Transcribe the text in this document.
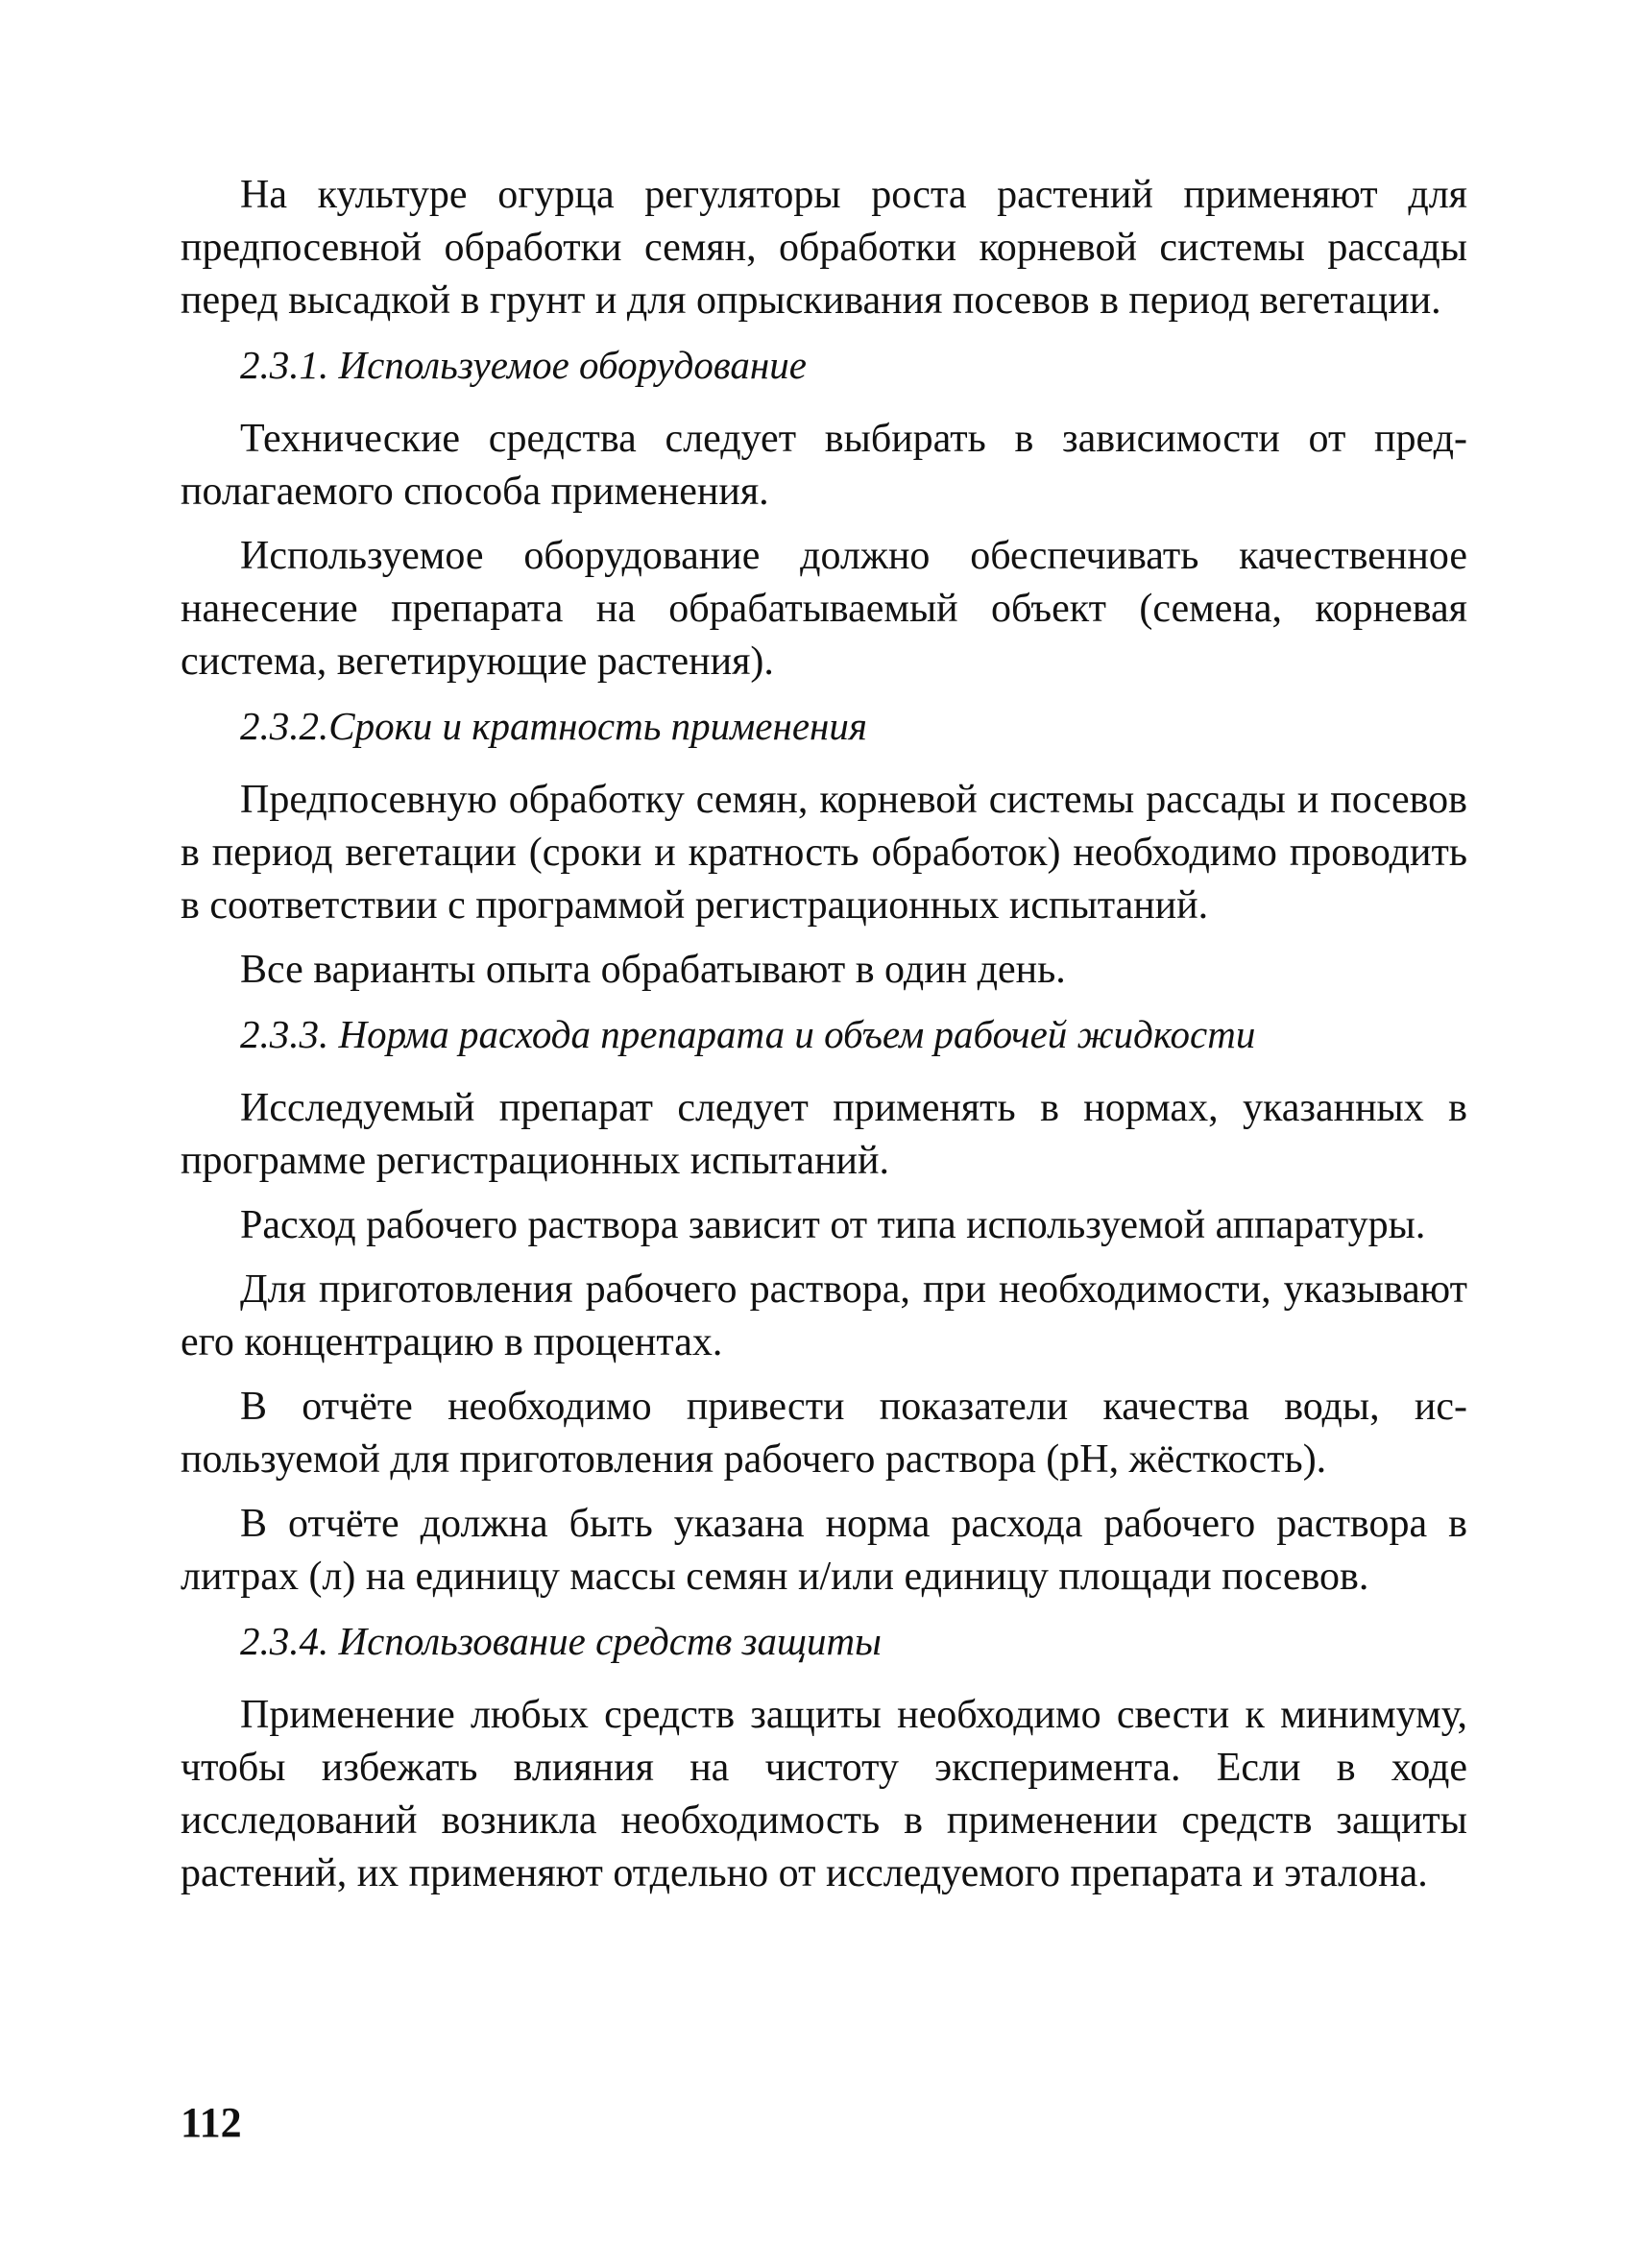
На культуре огурца регуляторы роста растений применяют для предпосевной обработки семян, обработки корневой системы рассады перед высадкой в грунт и для опрыскивания посевов в период вегетации.

2.3.1. Используемое оборудование

Технические средства следует выбирать в зависимости от предполагаемого способа применения.

Используемое оборудование должно обеспечивать качественное нанесение препарата на обрабатываемый объект (семена, корневая система, вегетирующие растения).

2.3.2.Сроки и кратность применения

Предпосевную обработку семян, корневой системы рассады и посевов в период вегетации (сроки и кратность обработок) необходимо проводить в соответствии с программой регистрационных испытаний.

Все варианты опыта обрабатывают в один день.

2.3.3. Норма расхода препарата и объем рабочей жидкости

Исследуемый препарат следует применять в нормах, указанных в программе регистрационных испытаний.

Расход рабочего раствора зависит от типа используемой аппаратуры.

Для приготовления рабочего раствора, при необходимости, указывают его концентрацию в процентах.

В отчёте необходимо привести показатели качества воды, используемой для приготовления рабочего раствора (pH, жёсткость).

В отчёте должна быть указана норма расхода рабочего раствора в литрах (л) на единицу массы семян и/или единицу площади посевов.

2.3.4. Использование средств защиты

Применение любых средств защиты необходимо свести к минимуму, чтобы избежать влияния на чистоту эксперимента. Если в ходе исследований возникла необходимость в применении средств защиты растений, их применяют отдельно от исследуемого препарата и эталона.

112
